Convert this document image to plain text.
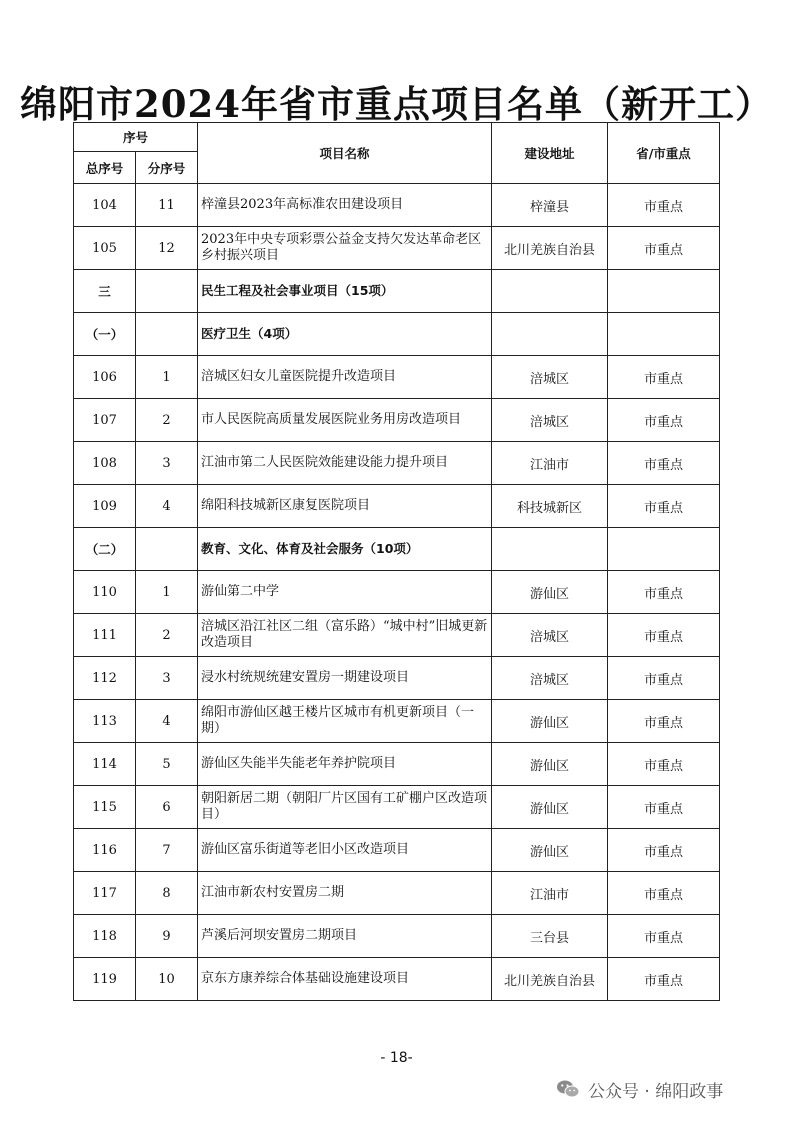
绵阳市2024年省市重点项目名单（新开工）
序号		项目名称	建设地址	省/市重点
总序号	分序号			
104	11	梓潼县2023年高标准农田建设项目	梓潼县	市重点
105	12	2023年中央专项彩票公益金支持欠发达革命老区乡村振兴项目	北川羌族自治县	市重点
三		民生工程及社会事业项目（15项）		
（一）		医疗卫生（4项）		
106	1	涪城区妇女儿童医院提升改造项目	涪城区	市重点
107	2	市人民医院高质量发展医院业务用房改造项目	涪城区	市重点
108	3	江油市第二人民医院效能建设能力提升项目	江油市	市重点
109	4	绵阳科技城新区康复医院项目	科技城新区	市重点
（二）		教育、文化、体育及社会服务（10项）		
110	1	游仙第二中学	游仙区	市重点
111	2	涪城区沿江社区二组（富乐路）“城中村”旧城更新改造项目	涪城区	市重点
112	3	浸水村统规统建安置房一期建设项目	涪城区	市重点
113	4	绵阳市游仙区越王楼片区城市有机更新项目（一期）	游仙区	市重点
114	5	游仙区失能半失能老年养护院项目	游仙区	市重点
115	6	朝阳新居二期（朝阳厂片区国有工矿棚户区改造项目）	游仙区	市重点
116	7	游仙区富乐街道等老旧小区改造项目	游仙区	市重点
117	8	江油市新农村安置房二期	江油市	市重点
118	9	芦溪后河坝安置房二期项目	三台县	市重点
119	10	京东方康养综合体基础设施建设项目	北川羌族自治县	市重点
- 18-
公众号 · 绵阳政事
